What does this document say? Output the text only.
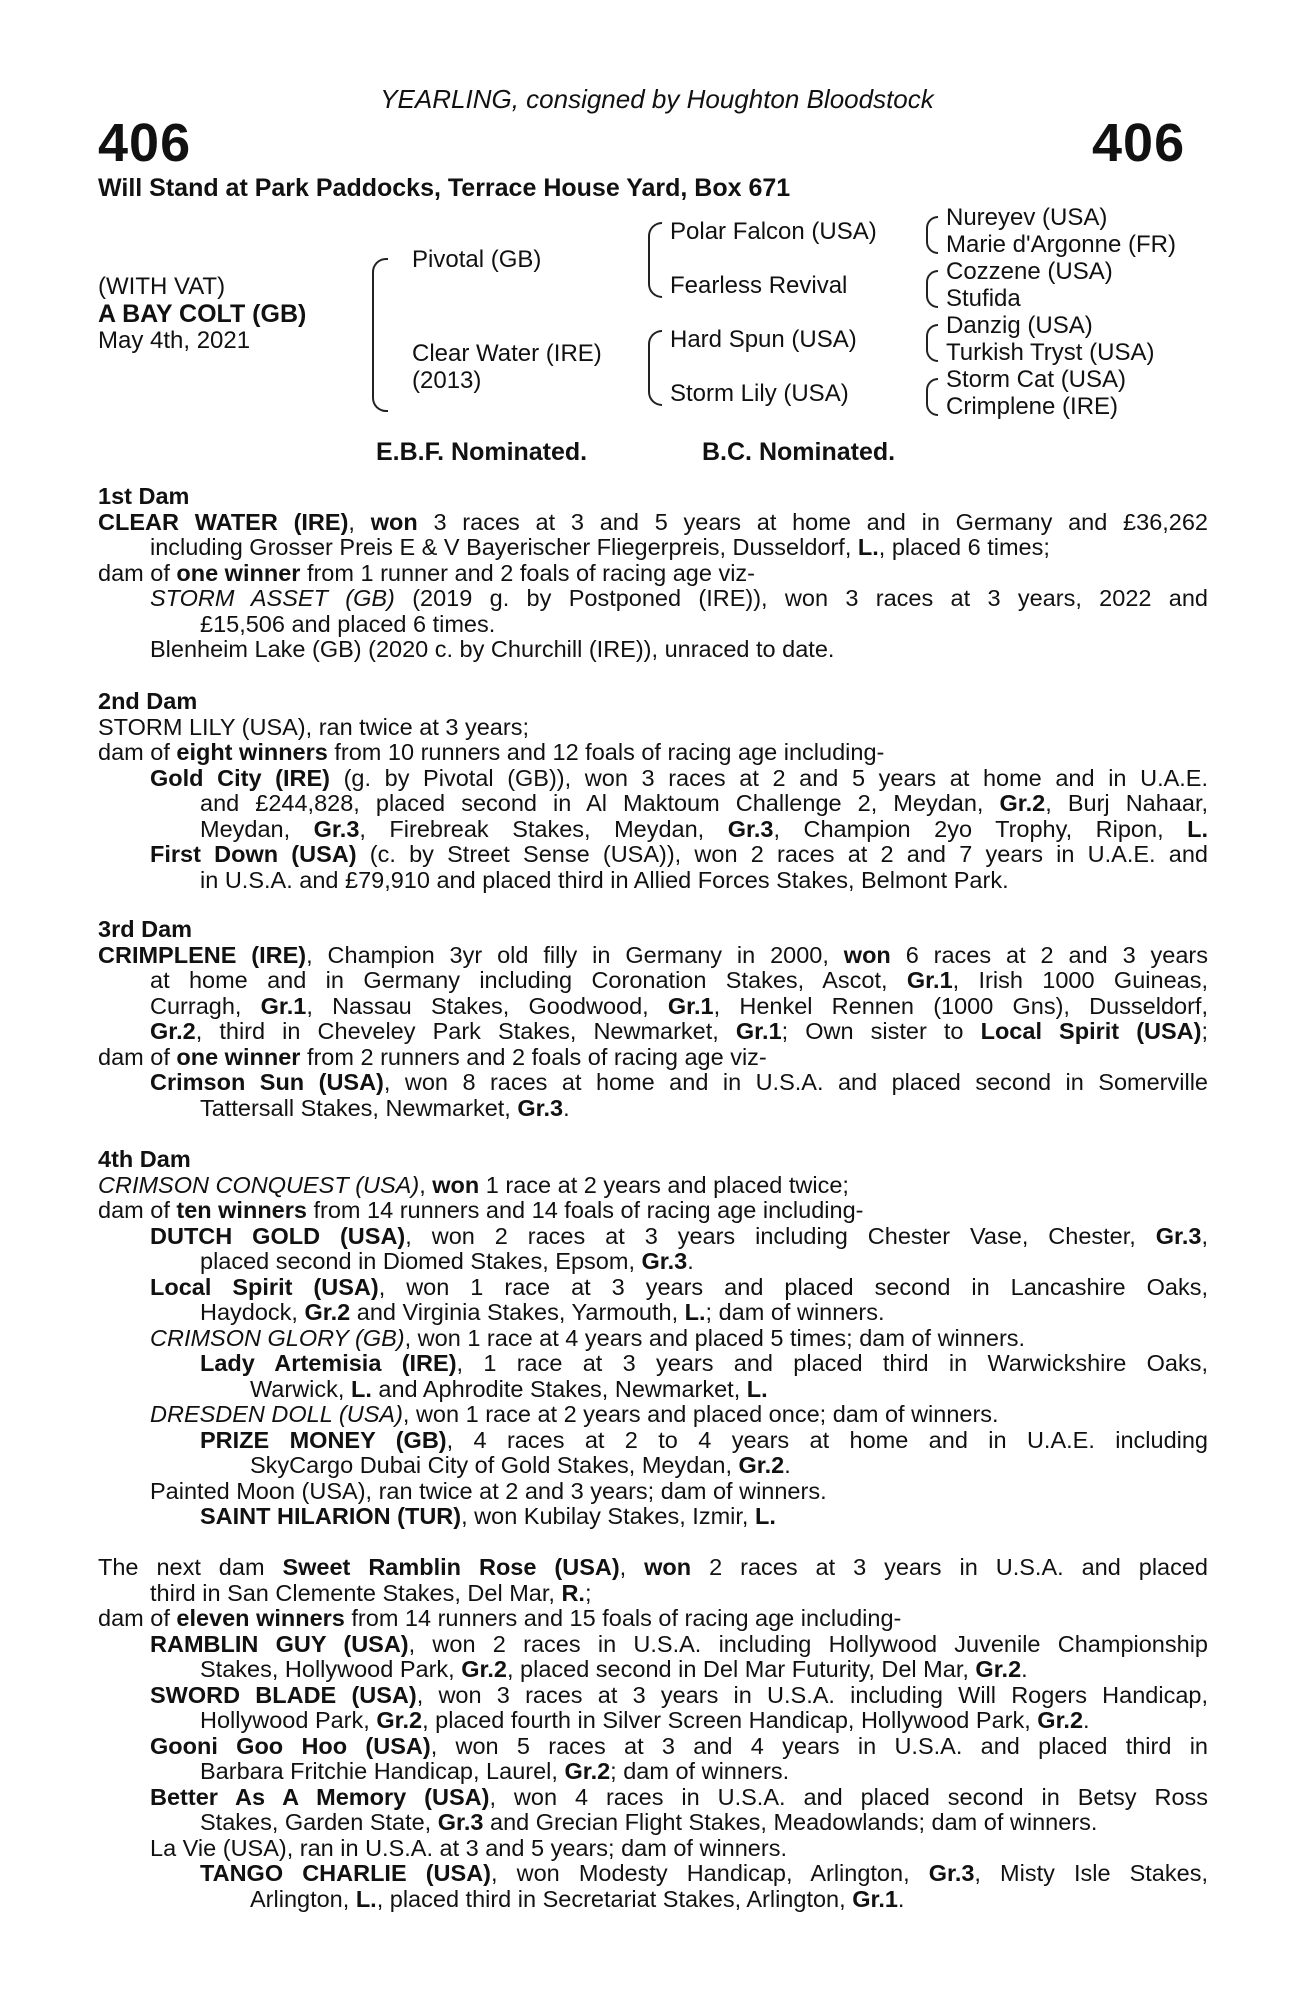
YEARLING, consigned by Houghton Bloodstock
406	406
Will Stand at Park Paddocks, Terrace House Yard, Box 671
(WITH VAT)
A BAY COLT (GB)
May 4th, 2021
Pivotal (GB)
Clear Water (IRE)
(2013)
Polar Falcon (USA)
Fearless Revival
Hard Spun (USA)
Storm Lily (USA)
Nureyev (USA)
Marie d'Argonne (FR)
Cozzene (USA)
Stufida
Danzig (USA)
Turkish Tryst (USA)
Storm Cat (USA)
Crimplene (IRE)
E.B.F. Nominated.	B.C. Nominated.

1st Dam

CLEAR WATER (IRE), won 3 races at 3 and 5 years at home and in Germany and £36,262

including Grosser Preis E & V Bayerischer Fliegerpreis, Dusseldorf, L., placed 6 times;

dam of one winner from 1 runner and 2 foals of racing age viz-

STORM ASSET (GB) (2019 g. by Postponed (IRE)), won 3 races at 3 years, 2022 and

£15,506 and placed 6 times.

Blenheim Lake (GB) (2020 c. by Churchill (IRE)), unraced to date.

2nd Dam

STORM LILY (USA), ran twice at 3 years;

dam of eight winners from 10 runners and 12 foals of racing age including-

Gold City (IRE) (g. by Pivotal (GB)), won 3 races at 2 and 5 years at home and in U.A.E.

and £244,828, placed second in Al Maktoum Challenge 2, Meydan, Gr.2, Burj Nahaar,

Meydan, Gr.3, Firebreak Stakes, Meydan, Gr.3, Champion 2yo Trophy, Ripon, L.

First Down (USA) (c. by Street Sense (USA)), won 2 races at 2 and 7 years in U.A.E. and

in U.S.A. and £79,910 and placed third in Allied Forces Stakes, Belmont Park.

3rd Dam

CRIMPLENE (IRE), Champion 3yr old filly in Germany in 2000, won 6 races at 2 and 3 years

at home and in Germany including Coronation Stakes, Ascot, Gr.1, Irish 1000 Guineas,

Curragh, Gr.1, Nassau Stakes, Goodwood, Gr.1, Henkel Rennen (1000 Gns), Dusseldorf,

Gr.2, third in Cheveley Park Stakes, Newmarket, Gr.1; Own sister to Local Spirit (USA);

dam of one winner from 2 runners and 2 foals of racing age viz-

Crimson Sun (USA), won 8 races at home and in U.S.A. and placed second in Somerville

Tattersall Stakes, Newmarket, Gr.3.

4th Dam

CRIMSON CONQUEST (USA), won 1 race at 2 years and placed twice;

dam of ten winners from 14 runners and 14 foals of racing age including-

DUTCH GOLD (USA), won 2 races at 3 years including Chester Vase, Chester, Gr.3,

placed second in Diomed Stakes, Epsom, Gr.3.

Local Spirit (USA), won 1 race at 3 years and placed second in Lancashire Oaks,

Haydock, Gr.2 and Virginia Stakes, Yarmouth, L.; dam of winners.

CRIMSON GLORY (GB), won 1 race at 4 years and placed 5 times; dam of winners.

Lady Artemisia (IRE), 1 race at 3 years and placed third in Warwickshire Oaks,

Warwick, L. and Aphrodite Stakes, Newmarket, L.

DRESDEN DOLL (USA), won 1 race at 2 years and placed once; dam of winners.

PRIZE MONEY (GB), 4 races at 2 to 4 years at home and in U.A.E. including

SkyCargo Dubai City of Gold Stakes, Meydan, Gr.2.

Painted Moon (USA), ran twice at 2 and 3 years; dam of winners.

SAINT HILARION (TUR), won Kubilay Stakes, Izmir, L.

The next dam Sweet Ramblin Rose (USA), won 2 races at 3 years in U.S.A. and placed

third in San Clemente Stakes, Del Mar, R.;

dam of eleven winners from 14 runners and 15 foals of racing age including-

RAMBLIN GUY (USA), won 2 races in U.S.A. including Hollywood Juvenile Championship

Stakes, Hollywood Park, Gr.2, placed second in Del Mar Futurity, Del Mar, Gr.2.

SWORD BLADE (USA), won 3 races at 3 years in U.S.A. including Will Rogers Handicap,

Hollywood Park, Gr.2, placed fourth in Silver Screen Handicap, Hollywood Park, Gr.2.

Gooni Goo Hoo (USA), won 5 races at 3 and 4 years in U.S.A. and placed third in

Barbara Fritchie Handicap, Laurel, Gr.2; dam of winners.

Better As A Memory (USA), won 4 races in U.S.A. and placed second in Betsy Ross

Stakes, Garden State, Gr.3 and Grecian Flight Stakes, Meadowlands; dam of winners.

La Vie (USA), ran in U.S.A. at 3 and 5 years; dam of winners.

TANGO CHARLIE (USA), won Modesty Handicap, Arlington, Gr.3, Misty Isle Stakes,

Arlington, L., placed third in Secretariat Stakes, Arlington, Gr.1.
